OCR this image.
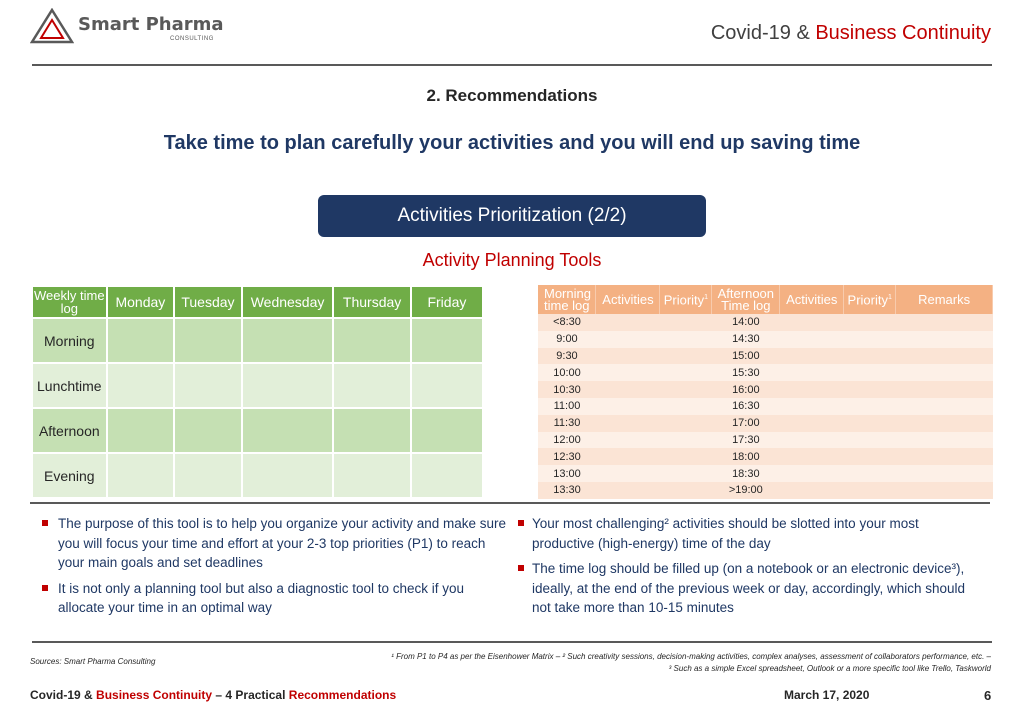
Smart Pharma
CONSULTING	Covid-19 & Business Continuity
2. Recommendations
Take time to plan carefully your activities and you will end up saving time
Activities Prioritization (2/2)
Activity Planning Tools
Weekly time log	Monday	Tuesday	Wednesday	Thursday	Friday
Morning					
Lunchtime					
Afternoon					
Evening					
Morning time log	Activities	Priority$^1$	Afternoon Time log	Activities	Priority$^1$	Remarks
<8:30			14:00			
9:00			14:30			
9:30			15:00			
10:00			15:30			
10:30			16:00			
11:00			16:30			
11:30			17:00			
12:00			17:30			
12:30			18:00			
13:00			18:30			
13:30			>19:00			
The purpose of this tool is to help you organize your activity and make sure you will focus your time and effort at your 2-3 top priorities (P1) to reach your main goals and set deadlines
It is not only a planning tool but also a diagnostic tool to check if you allocate your time in an optimal way
Your most challenging² activities should be slotted into your most productive (high-energy) time of the day
The time log should be filled up (on a notebook or an electronic device³), ideally, at the end of the previous week or day, accordingly, which should not take more than 10-15 minutes
Sources: Smart Pharma Consulting
¹ From P1 to P4 as per the Eisenhower Matrix – ² Such creativity sessions, decision-making activities, complex analyses, assessment of collaborators performance, etc. – ³ Such as a simple Excel spreadsheet, Outlook or a more specific tool like Trello, Taskworld
Covid-19 & Business Continuity – 4 Practical Recommendations	March 17, 2020	6
